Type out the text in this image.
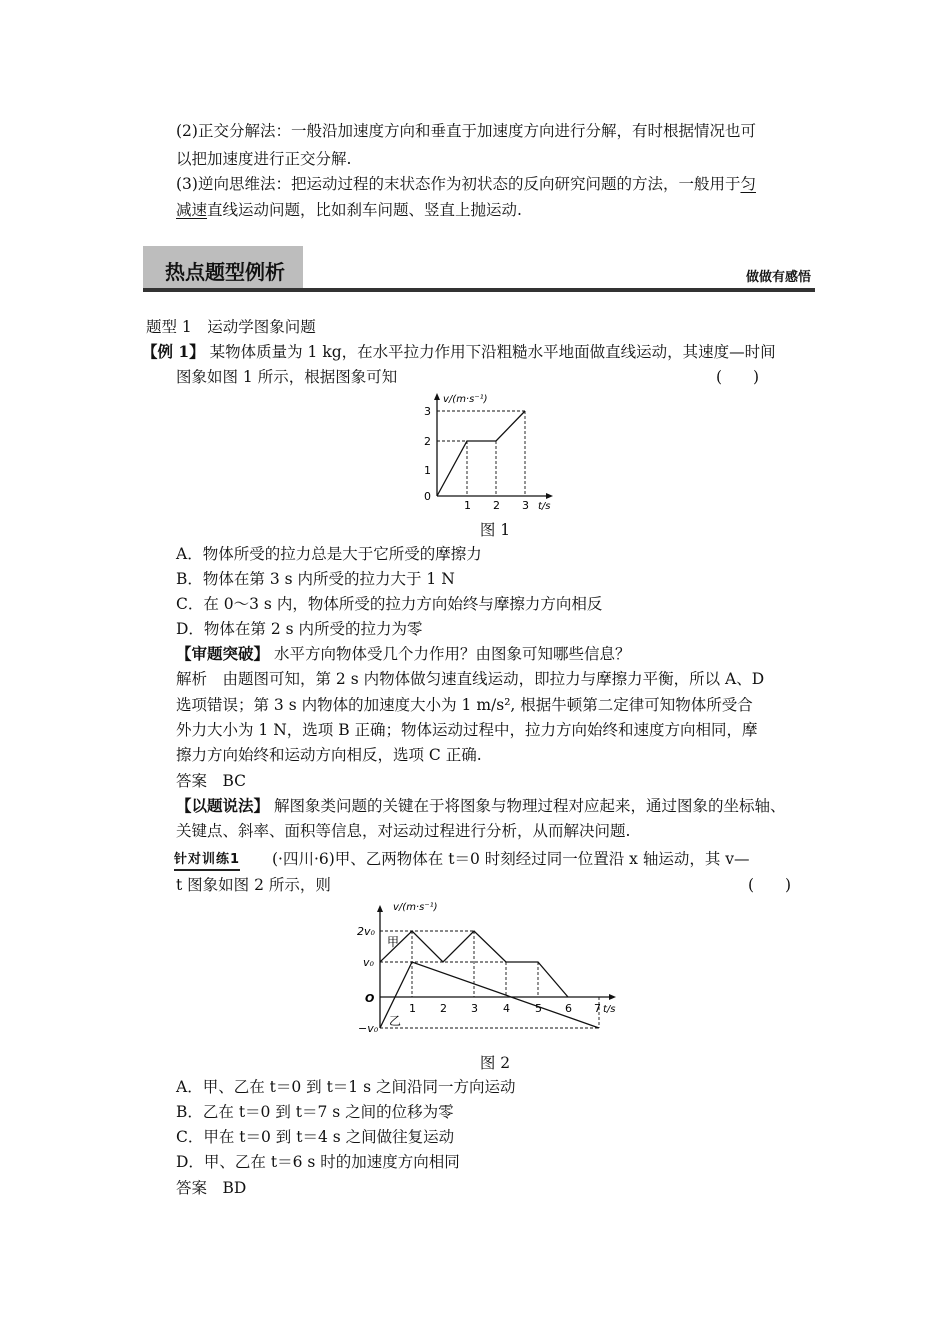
(2)正交分解法：一般沿加速度方向和垂直于加速度方向进行分解，有时根据情况也可
以把加速度进行正交分解.
(3)逆向思维法：把运动过程的末状态作为初状态的反向研究问题的方法，一般用于匀
减速直线运动问题，比如刹车问题、竖直上抛运动.
热点题型例析	做做有感悟
题型 1　运动学图象问题
【例 1】 某物体质量为 1 kg，在水平拉力作用下沿粗糙水平地面做直线运动，其速度—时间
图象如图 1 所示，根据图象可知	(　　)
v/(m·s⁻¹)
3
2
1
0
1 2 3 t/s
图 1
A．物体所受的拉力总是大于它所受的摩擦力
B．物体在第 3 s 内所受的拉力大于 1 N
C．在 0～3 s 内，物体所受的拉力方向始终与摩擦力方向相反
D．物体在第 2 s 内所受的拉力为零
【审题突破】 水平方向物体受几个力作用？由图象可知哪些信息？
解析　由题图可知，第 2 s 内物体做匀速直线运动，即拉力与摩擦力平衡，所以 A、D
选项错误；第 3 s 内物体的加速度大小为 1 m/s², 根据牛顿第二定律可知物体所受合
外力大小为 1 N，选项 B 正确；物体运动过程中，拉力方向始终和速度方向相同，摩
擦力方向始终和运动方向相反，选项 C 正确.
答案　BC
【以题说法】 解图象类问题的关键在于将图象与物理过程对应起来，通过图象的坐标轴、
关键点、斜率、面积等信息，对运动过程进行分析，从而解决问题.
针对训练1 (·四川·6)甲、乙两物体在 t＝0 时刻经过同一位置沿 x 轴运动，其 v—
t 图象如图 2 所示，则	(　　)
v/(m·s⁻¹)
2v₀
v₀
−v₀
O
甲
乙
1 2 3 4 5 6 7 t/s
图 2
A．甲、乙在 t＝0 到 t＝1 s 之间沿同一方向运动
B．乙在 t＝0 到 t＝7 s 之间的位移为零
C．甲在 t＝0 到 t＝4 s 之间做往复运动
D．甲、乙在 t＝6 s 时的加速度方向相同
答案　BD
